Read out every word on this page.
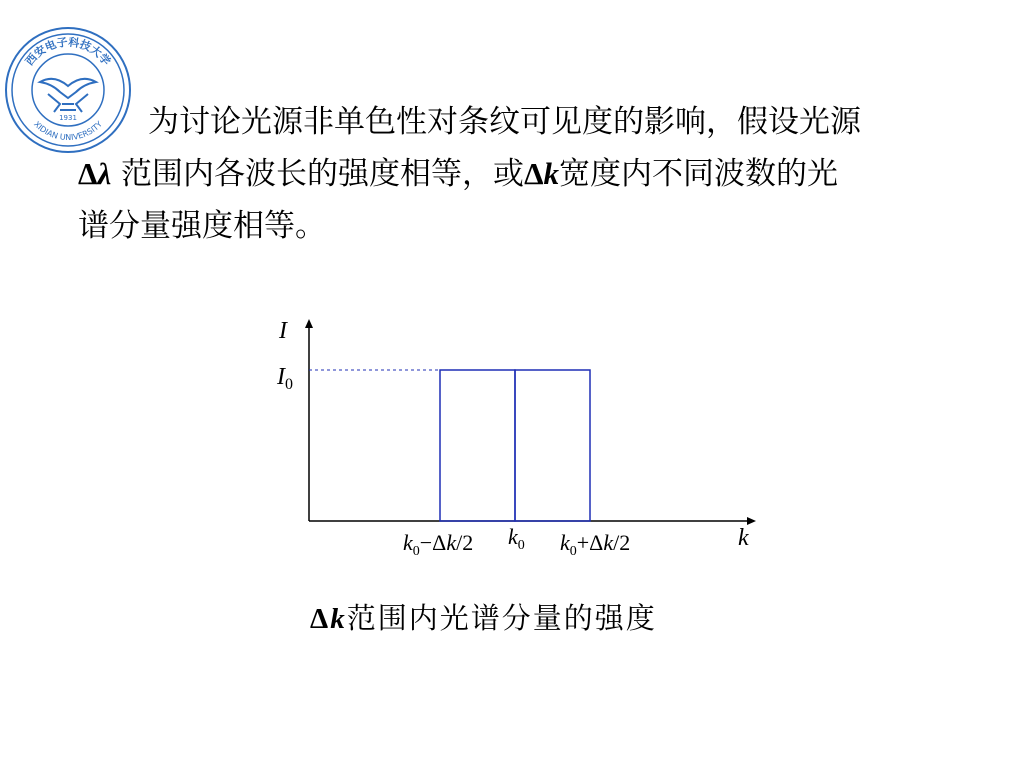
西安电子科技大学
XIDIAN UNIVERSITY
1931	为讨论光源非单色性对条纹可见度的影响，假设光源
Δλ 范围内各波长的强度相等，或Δk宽度内不同波数的光
谱分量强度相等。

I
$I_0$
k
$k_0-\Delta k/2$ $k_0$ $k_0+\Delta k/2$
Δk范围内光谱分量的强度
